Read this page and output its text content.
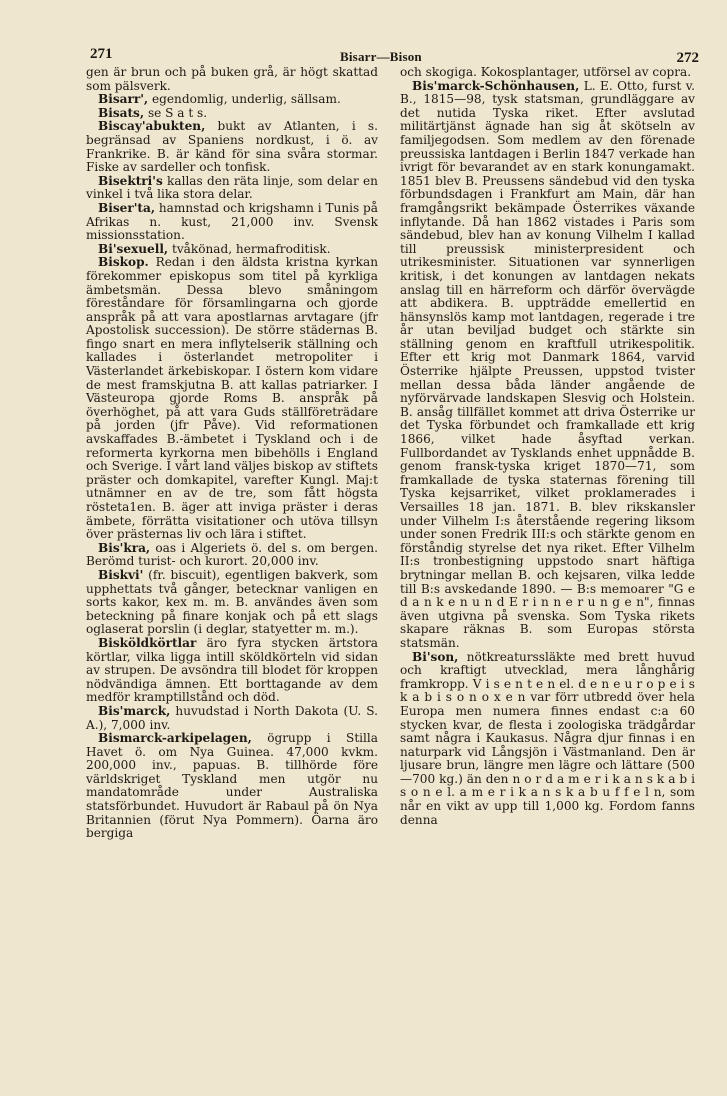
271	Bisarr—Bison	272

gen är brun och på buken grå, är högt skattad som pälsverk.

Bisarr', egendomlig, underlig, sällsam.

Bisats, se S a t s.

Biscay'abukten, bukt av Atlanten, i s. begränsad av Spaniens nordkust, i ö. av Frankrike. B. är känd för sina svåra stormar. Fiske av sardeller och tonfisk.

Bisektri's kallas den räta linje, som delar en vinkel i två lika stora delar.

Biser'ta, hamnstad och krigshamn i Tunis på Afrikas n. kust, 21,000 inv. Svensk missionsstation.

Bi'sexuell, tvåkönad, hermafroditisk.

Biskop. Redan i den äldsta kristna kyrkan förekommer episkopus som titel på kyrkliga ämbetsmän. Dessa blevo småningom föreståndare för församlingarna och gjorde anspråk på att vara apostlarnas arvtagare (jfr Apostolisk succession). De större städernas B. fingo snart en mera inflytelserik ställning och kallades i österlandet metropoliter i Västerlandet ärkebiskopar. I östern kom vidare de mest framskjutna B. att kallas patriarker. I Västeuropa gjorde Roms B. anspråk på överhöghet, på att vara Guds ställföreträdare på jorden (jfr Påve). Vid reformationen avskaffades B.-ämbetet i Tyskland och i de reformerta kyrkorna men bibehölls i England och Sverige. I vårt land väljes biskop av stiftets präster och domkapitel, varefter Kungl. Maj:t utnämner en av de tre, som fått högsta rösteta1en. B. äger att inviga präster i deras ämbete, förrätta visitationer och utöva tillsyn över prästernas liv och lära i stiftet.

Bis'kra, oas i Algeriets ö. del s. om bergen. Berömd turist- och kurort. 20,000 inv.

Biskvi' (fr. biscuit), egentligen bakverk, som upphettats två gånger, betecknar vanligen en sorts kakor, kex m. m. B. användes även som beteckning på finare konjak och på ett slags oglaserat porslin (i deglar, statyetter m. m.).

Bisköldkörtlar äro fyra stycken ärtstora körtlar, vilka ligga intill sköldkörteln vid sidan av strupen. De avsöndra till blodet för kroppen nödvändiga ämnen. Ett borttagande av dem medför kramptillstånd och död.

Bis'marck, huvudstad i North Dakota (U. S. A.), 7,000 inv.

Bismarck-arkipelagen, ögrupp i Stilla Havet ö. om Nya Guinea. 47,000 kvkm. 200,000 inv., papuas. B. tillhörde före världskriget Tyskland men utgör nu mandatområde under Australiska statsförbundet. Huvudort är Rabaul på ön Nya Britannien (förut Nya Pommern). Öarna äro bergiga

och skogiga. Kokosplantager, utförsel av copra.

Bis'marck-Schönhausen, L. E. Otto, furst v. B., 1815—98, tysk statsman, grundläggare av det nutida Tyska riket. Efter avslutad militärtjänst ägnade han sig åt skötseln av familjegodsen. Som medlem av den förenade preussiska lantdagen i Berlin 1847 verkade han ivrigt för bevarandet av en stark konungamakt. 1851 blev B. Preussens sändebud vid den tyska förbundsdagen i Frankfurt am Main, där han framgångsrikt bekämpade Österrikes växande inflytande. Då han 1862 vistades i Paris som sändebud, blev han av konung Vilhelm I kallad till preussisk ministerpresident och utrikesminister. Situationen var synnerligen kritisk, i det konungen av lantdagen nekats anslag till en härreform och därför övervägde att abdikera. B. uppträdde emellertid en hänsynslös kamp mot lantdagen, regerade i tre år utan beviljad budget och stärkte sin ställning genom en kraftfull utrikespolitik. Efter ett krig mot Danmark 1864, varvid Österrike hjälpte Preussen, uppstod tvister mellan dessa båda länder angående de nyförvärvade landskapen Slesvig och Holstein. B. ansåg tillfället kommet att driva Österrike ur det Tyska förbundet och framkallade ett krig 1866, vilket hade åsyftad verkan. Fullbordandet av Tysklands enhet uppnådde B. genom fransk-tyska kriget 1870—71, som framkallade de tyska staternas förening till Tyska kejsarriket, vilket proklamerades i Versailles 18 jan. 1871. B. blev rikskansler under Vilhelm I:s återstående regering liksom under sonen Fredrik III:s och stärkte genom en förståndig styrelse det nya riket. Efter Vilhelm II:s tronbestigning uppstodo snart häftiga brytningar mellan B. och kejsaren, vilka ledde till B:s avskedande 1890. — B:s memoarer "G e d a n k e n u n d E r i n n e r u n g e n", finnas även utgivna på svenska. Som Tyska rikets skapare räknas B. som Europas största statsmän.

Bi'son, nötkreaturssläkte med brett huvud och kraftigt utvecklad, mera långhårig framkropp. V i s e n t e n el. d e n e u r o p e i s k a b i s o n o x e n var förr utbredd över hela Europa men numera finnes endast c:a 60 stycken kvar, de flesta i zoologiska trädgårdar samt några i Kaukasus. Några djur finnas i en naturpark vid Långsjön i Västmanland. Den är ljusare brun, längre men lägre och lättare (500—700 kg.) än den n o r d a m e r i k a n s k a b i s o n e l. a m e r i k a n s k a b u f f e l n, som når en vikt av upp till 1,000 kg. Fordom fanns denna
